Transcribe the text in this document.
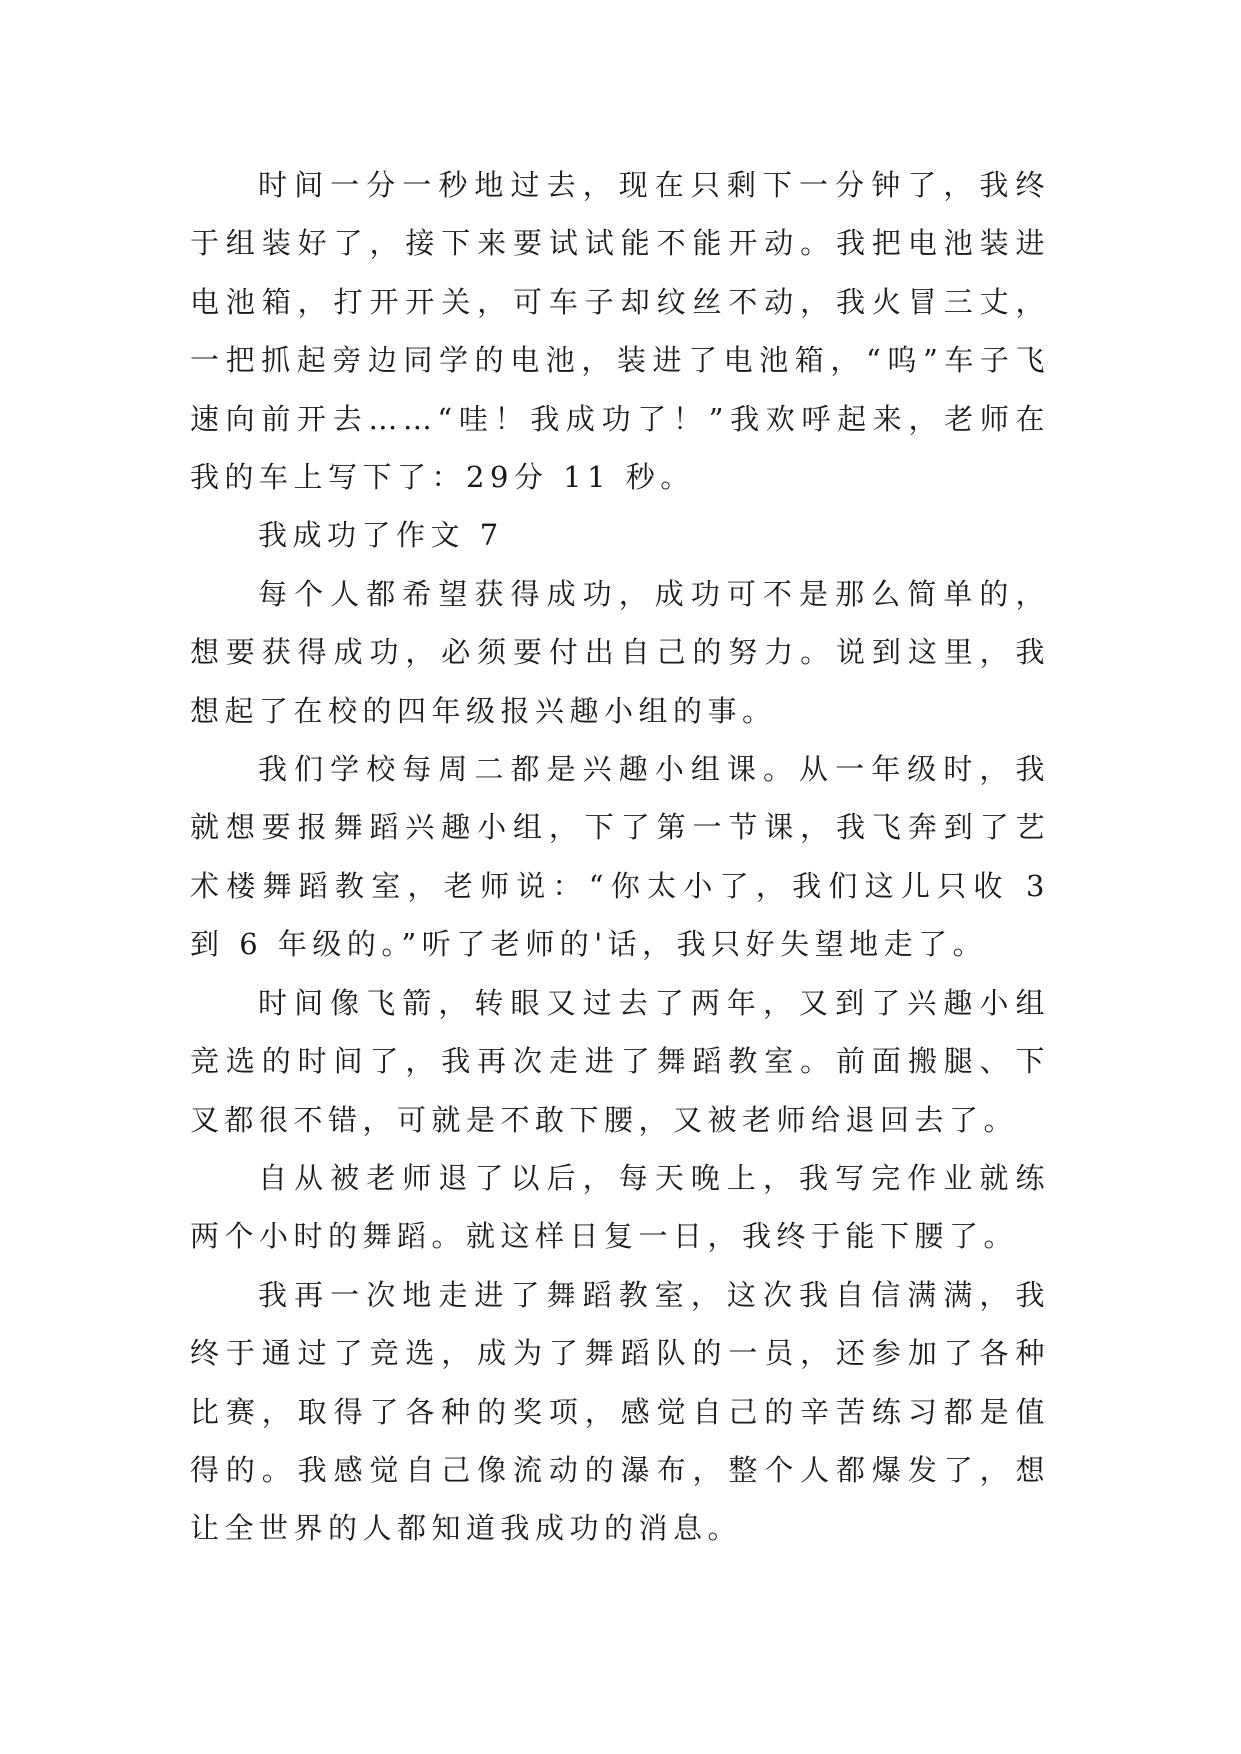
时间一分一秒地过去，现在只剩下一分钟了，我终于组装好了，接下来要试试能不能开动。我把电池装进电池箱，打开开关，可车子却纹丝不动，我火冒三丈，一把抓起旁边同学的电池，装进了电池箱，“呜”车子飞速向前开去……“哇！我成功了！”我欢呼起来，老师在我的车上写下了：29分 11 秒。

我成功了作文 7

每个人都希望获得成功，成功可不是那么简单的，想要获得成功，必须要付出自己的努力。说到这里，我想起了在校的四年级报兴趣小组的事。

我们学校每周二都是兴趣小组课。从一年级时，我就想要报舞蹈兴趣小组，下了第一节课，我飞奔到了艺术楼舞蹈教室，老师说：“你太小了，我们这儿只收 3 到 6 年级的。”听了老师的'话，我只好失望地走了。

时间像飞箭，转眼又过去了两年，又到了兴趣小组竞选的时间了，我再次走进了舞蹈教室。前面搬腿、下叉都很不错，可就是不敢下腰，又被老师给退回去了。

自从被老师退了以后，每天晚上，我写完作业就练两个小时的舞蹈。就这样日复一日，我终于能下腰了。

我再一次地走进了舞蹈教室，这次我自信满满，我终于通过了竞选，成为了舞蹈队的一员，还参加了各种比赛，取得了各种的奖项，感觉自己的辛苦练习都是值得的。我感觉自己像流动的瀑布，整个人都爆发了，想让全世界的人都知道我成功的消息。
